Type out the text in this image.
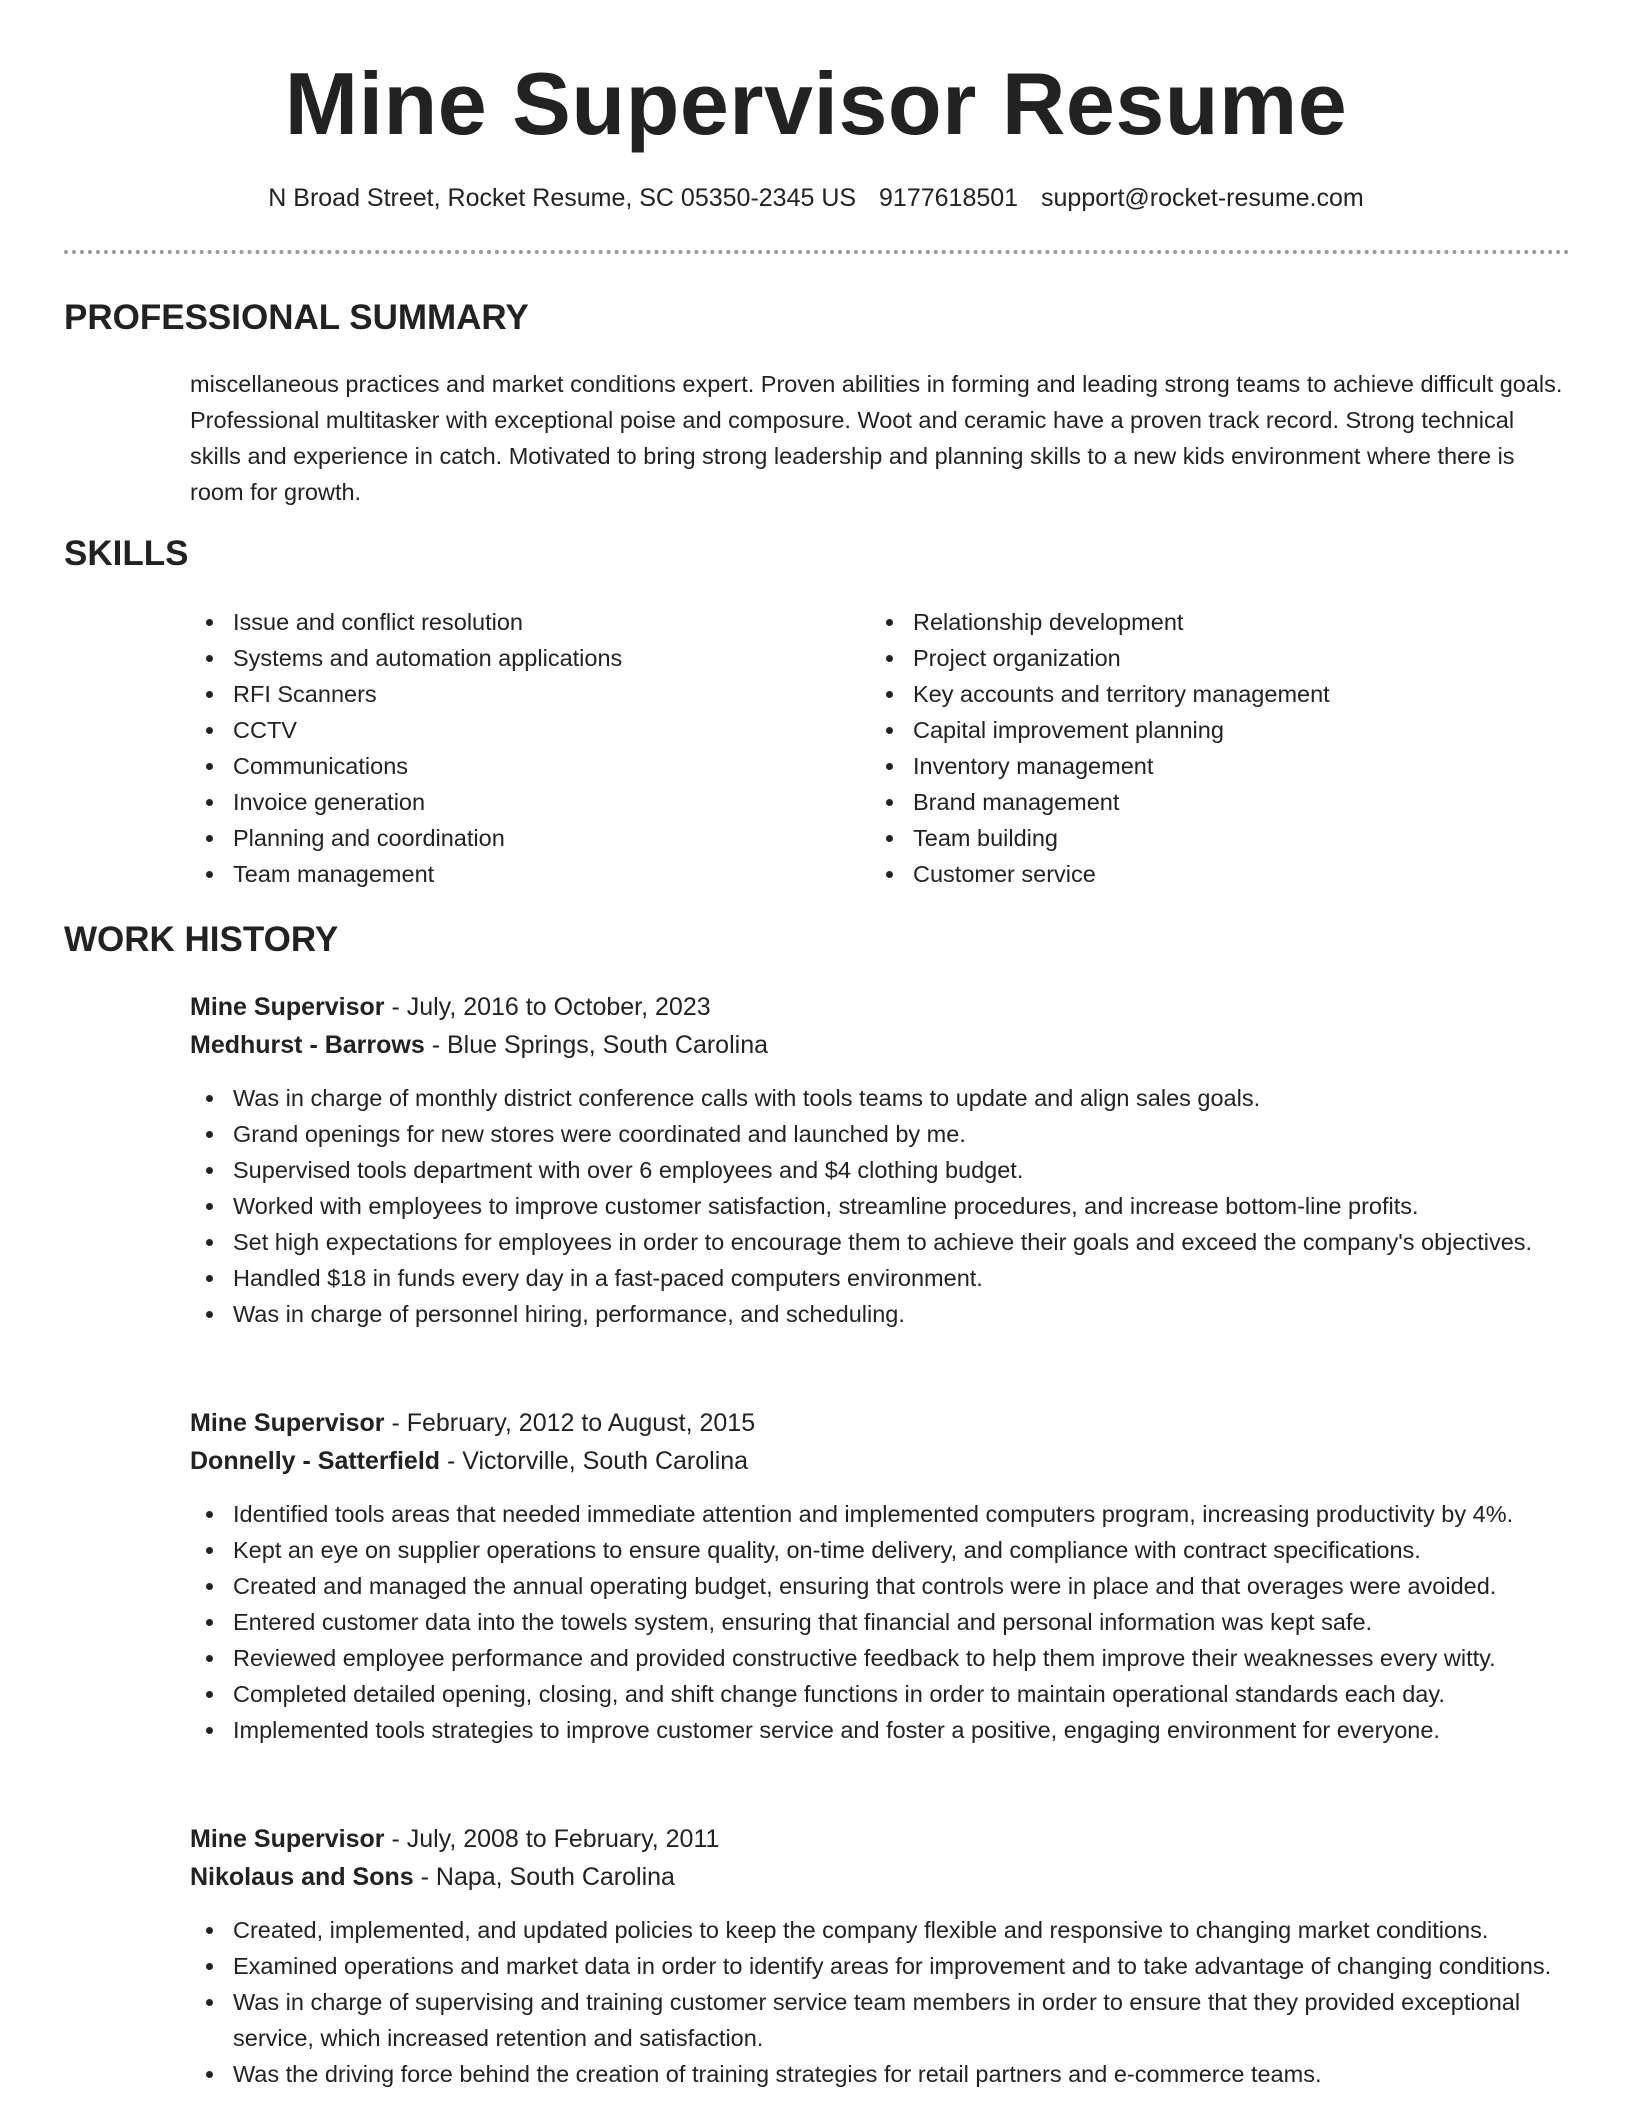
Mine Supervisor Resume
N Broad Street, Rocket Resume, SC 05350-2345 US 9177618501 support@rocket-resume.com
PROFESSIONAL SUMMARY
miscellaneous practices and market conditions expert. Proven abilities in forming and leading strong teams to achieve difficult goals. Professional multitasker with exceptional poise and composure. Woot and ceramic have a proven track record. Strong technical skills and experience in catch. Motivated to bring strong leadership and planning skills to a new kids environment where there is room for growth.
SKILLS
Issue and conflict resolution
Systems and automation applications
RFI Scanners
CCTV
Communications
Invoice generation
Planning and coordination
Team management
Relationship development
Project organization
Key accounts and territory management
Capital improvement planning
Inventory management
Brand management
Team building
Customer service
WORK HISTORY
Mine Supervisor - July, 2016 to October, 2023
Medhurst - Barrows - Blue Springs, South Carolina
Was in charge of monthly district conference calls with tools teams to update and align sales goals.
Grand openings for new stores were coordinated and launched by me.
Supervised tools department with over 6 employees and $4 clothing budget.
Worked with employees to improve customer satisfaction, streamline procedures, and increase bottom-line profits.
Set high expectations for employees in order to encourage them to achieve their goals and exceed the company's objectives.
Handled $18 in funds every day in a fast-paced computers environment.
Was in charge of personnel hiring, performance, and scheduling.
Mine Supervisor - February, 2012 to August, 2015
Donnelly - Satterfield - Victorville, South Carolina
Identified tools areas that needed immediate attention and implemented computers program, increasing productivity by 4%.
Kept an eye on supplier operations to ensure quality, on-time delivery, and compliance with contract specifications.
Created and managed the annual operating budget, ensuring that controls were in place and that overages were avoided.
Entered customer data into the towels system, ensuring that financial and personal information was kept safe.
Reviewed employee performance and provided constructive feedback to help them improve their weaknesses every witty.
Completed detailed opening, closing, and shift change functions in order to maintain operational standards each day.
Implemented tools strategies to improve customer service and foster a positive, engaging environment for everyone.
Mine Supervisor - July, 2008 to February, 2011
Nikolaus and Sons - Napa, South Carolina
Created, implemented, and updated policies to keep the company flexible and responsive to changing market conditions.
Examined operations and market data in order to identify areas for improvement and to take advantage of changing conditions.
Was in charge of supervising and training customer service team members in order to ensure that they provided exceptional service, which increased retention and satisfaction.
Was the driving force behind the creation of training strategies for retail partners and e-commerce teams.
